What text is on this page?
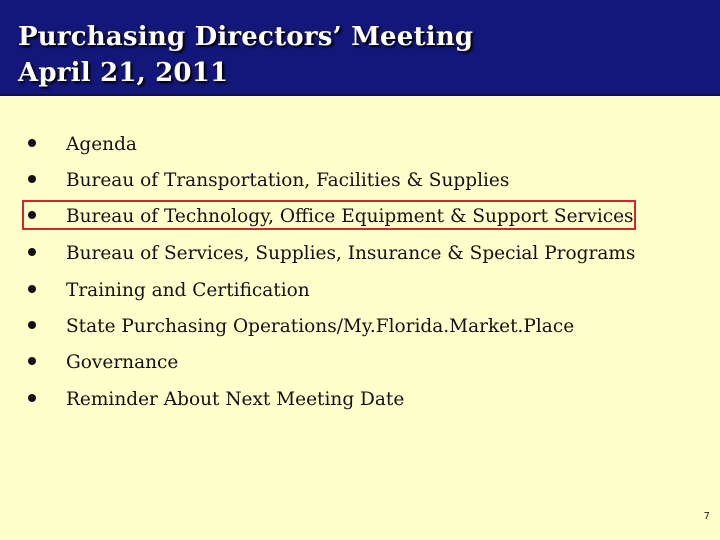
Purchasing Directors’ Meeting
April 21, 2011
Agenda
Bureau of Transportation, Facilities & Supplies
Bureau of Technology, Office Equipment & Support Services
Bureau of Services, Supplies, Insurance & Special Programs
Training and Certification
State Purchasing Operations/My.Florida.Market.Place
Governance
Reminder About Next Meeting Date
7
